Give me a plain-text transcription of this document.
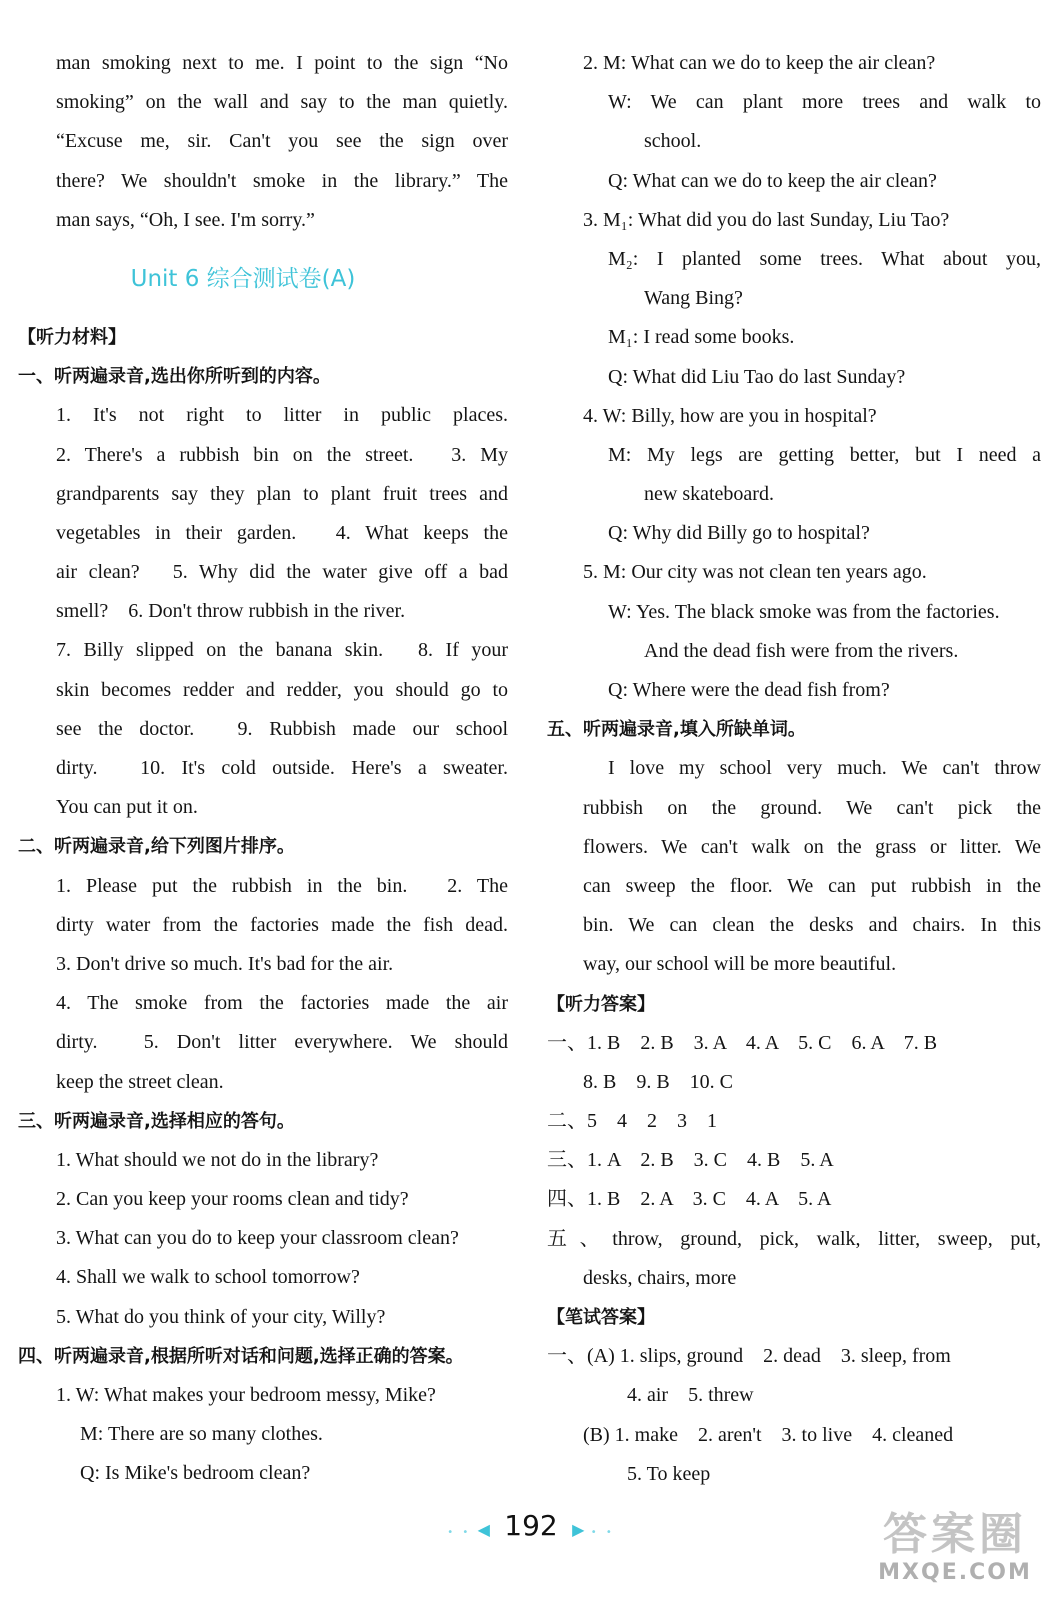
man smoking next to me. I point to the sign “No
smoking” on the wall and say to the man quietly.
“Excuse me, sir. Can't you see the sign over
there? We shouldn't smoke in the library.” The
man says, “Oh, I see. I'm sorry.”
Unit 6 综合测试卷(A)
【听力材料】
一、听两遍录音,选出你所听到的内容。
1. It's not right to litter in public places.
2. There's a rubbish bin on the street.　3. My
grandparents say they plan to plant fruit trees and
vegetables in their garden.　4. What keeps the
air clean?　5. Why did the water give off a bad
smell?　6. Don't throw rubbish in the river.
7. Billy slipped on the banana skin.　8. If your
skin becomes redder and redder, you should go to
see the doctor.　9. Rubbish made our school
dirty.　10. It's cold outside. Here's a sweater.
You can put it on.
二、听两遍录音,给下列图片排序。
1. Please put the rubbish in the bin.　2. The
dirty water from the factories made the fish dead.
3. Don't drive so much. It's bad for the air.
4. The smoke from the factories made the air
dirty.　5. Don't litter everywhere. We should
keep the street clean.
三、听两遍录音,选择相应的答句。
1. What should we not do in the library?
2. Can you keep your rooms clean and tidy?
3. What can you do to keep your classroom clean?
4. Shall we walk to school tomorrow?
5. What do you think of your city, Willy?
四、听两遍录音,根据所听对话和问题,选择正确的答案。
1. W: What makes your bedroom messy, Mike?
M: There are so many clothes.
Q: Is Mike's bedroom clean?
2. M: What can we do to keep the air clean?
W: We can plant more trees and walk to
school.
Q: What can we do to keep the air clean?
3. M₁: What did you do last Sunday, Liu Tao?
M₂: I planted some trees. What about you,
Wang Bing?
M₁: I read some books.
Q: What did Liu Tao do last Sunday?
4. W: Billy, how are you in hospital?
M: My legs are getting better, but I need a
new skateboard.
Q: Why did Billy go to hospital?
5. M: Our city was not clean ten years ago.
W: Yes. The black smoke was from the factories.
And the dead fish were from the rivers.
Q: Where were the dead fish from?
五、听两遍录音,填入所缺单词。
I love my school very much. We can't throw
rubbish on the ground. We can't pick the
flowers. We can't walk on the grass or litter. We
can sweep the floor. We can put rubbish in the
bin. We can clean the desks and chairs. In this
way, our school will be more beautiful.
【听力答案】
一、1. B　2. B　3. A　4. A　5. C　6. A　7. B
8. B　9. B　10. C
二、5　4　2　3　1
三、1. A　2. B　3. C　4. B　5. A
四、1. B　2. A　3. C　4. A　5. A
五、throw, ground, pick, walk, litter, sweep, put,
desks, chairs, more
【笔试答案】
一、(A) 1. slips, ground　2. dead　3. sleep, from
4. air　5. threw
(B) 1. make　2. aren't　3. to live　4. cleaned
5. To keep
• • ◀ 192 ▶ • •	答案圈
MXQE.COM
